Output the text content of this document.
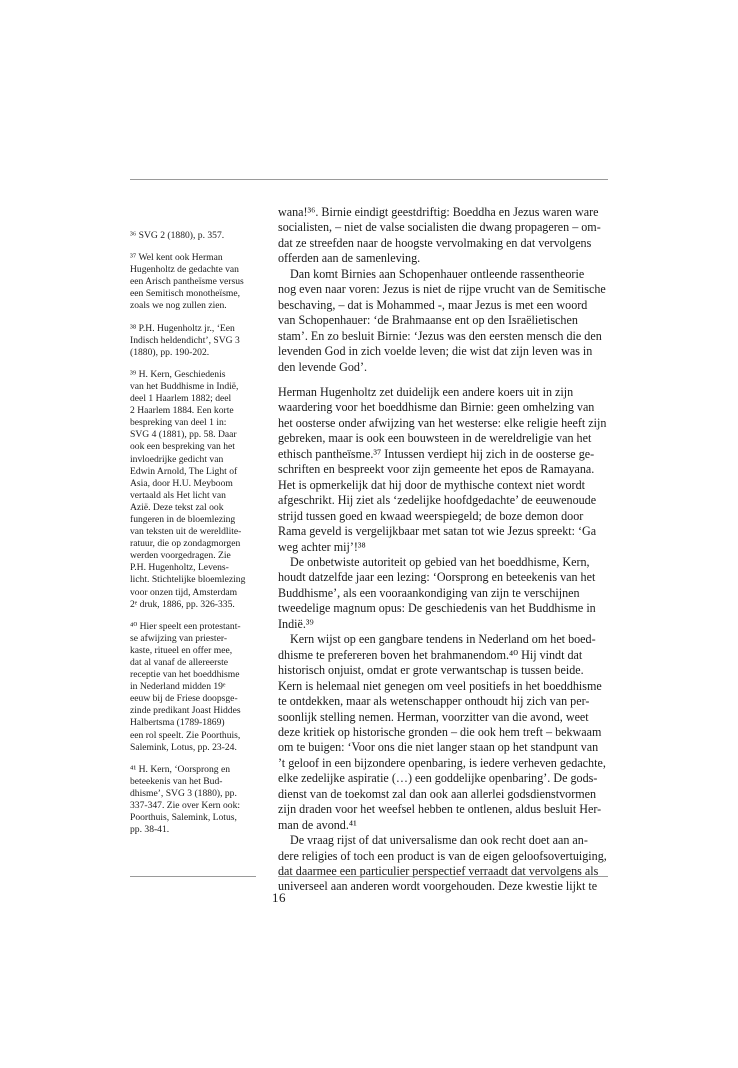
³⁶ SVG 2 (1880), p. 357.
³⁷ Wel kent ook Herman
Hugenholtz de gedachte van
een Arisch pantheïsme versus
een Semitisch monotheïsme,
zoals we nog zullen zien.
³⁸ P.H. Hugenholtz jr., ‘Een
Indisch heldendicht’, SVG 3
(1880), pp. 190-202.
³⁹ H. Kern, Geschiedenis
van het Buddhisme in Indië,
deel 1 Haarlem 1882; deel
2 Haarlem 1884. Een korte
bespreking van deel 1 in:
SVG 4 (1881), pp. 58. Daar
ook een bespreking van het
invloedrijke gedicht van
Edwin Arnold, The Light of
Asia, door H.U. Meyboom
vertaald als Het licht van
Azië. Deze tekst zal ook
fungeren in de bloemlezing
van teksten uit de wereldlite-
ratuur, die op zondagmorgen
werden voorgedragen. Zie
P.H. Hugenholtz, Levens-
licht. Stichtelijke bloemlezing
voor onzen tijd, Amsterdam
2ᵉ druk, 1886, pp. 326-335.
⁴⁰ Hier speelt een protestant-
se afwijzing van priester-
kaste, ritueel en offer mee,
dat al vanaf de allereerste
receptie van het boeddhisme
in Nederland midden 19ᵉ
eeuw bij de Friese doopsge-
zinde predikant Joast Hiddes
Halbertsma (1789-1869)
een rol speelt. Zie Poorthuis,
Salemink, Lotus, pp. 23-24.
⁴¹ H. Kern, ‘Oorsprong en
beteekenis van het Bud-
dhisme’, SVG 3 (1880), pp.
337-347. Zie over Kern ook:
Poorthuis, Salemink, Lotus,
pp. 38-41.
wana!³⁶. Birnie eindigt geestdriftig: Boeddha en Jezus waren ware
socialisten, – niet de valse socialisten die dwang propageren – om-
dat ze streefden naar de hoogste vervolmaking en dat vervolgens
offerden aan de samenleving.
Dan komt Birnies aan Schopenhauer ontleende rassentheorie
nog even naar voren: Jezus is niet de rijpe vrucht van de Semitische
beschaving, – dat is Mohammed -, maar Jezus is met een woord
van Schopenhauer: ‘de Brahmaanse ent op den Israëlietischen
stam’. En zo besluit Birnie: ‘Jezus was den eersten mensch die den
levenden God in zich voelde leven; die wist dat zijn leven was in
den levende God’.
Herman Hugenholtz zet duidelijk een andere koers uit in zijn
waardering voor het boeddhisme dan Birnie: geen omhelzing van
het oosterse onder afwijzing van het westerse: elke religie heeft zijn
gebreken, maar is ook een bouwsteen in de wereldreligie van het
ethisch pantheïsme.³⁷ Intussen verdiept hij zich in de oosterse ge-
schriften en bespreekt voor zijn gemeente het epos de Ramayana.
Het is opmerkelijk dat hij door de mythische context niet wordt
afgeschrikt. Hij ziet als ‘zedelijke hoofdgedachte’ de eeuwenoude
strijd tussen goed en kwaad weerspiegeld; de boze demon door
Rama geveld is vergelijkbaar met satan tot wie Jezus spreekt: ‘Ga
weg achter mij’!³⁸
De onbetwiste autoriteit op gebied van het boeddhisme, Kern,
houdt datzelfde jaar een lezing: ‘Oorsprong en beteekenis van het
Buddhisme’, als een vooraankondiging van zijn te verschijnen
tweedelige magnum opus: De geschiedenis van het Buddhisme in
Indië.³⁹
Kern wijst op een gangbare tendens in Nederland om het boed-
dhisme te prefereren boven het brahmanendom.⁴⁰ Hij vindt dat
historisch onjuist, omdat er grote verwantschap is tussen beide.
Kern is helemaal niet genegen om veel positiefs in het boeddhisme
te ontdekken, maar als wetenschapper onthoudt hij zich van per-
soonlijk stelling nemen. Herman, voorzitter van die avond, weet
deze kritiek op historische gronden – die ook hem treft – bekwaam
om te buigen: ‘Voor ons die niet langer staan op het standpunt van
’t geloof in een bijzondere openbaring, is iedere verheven gedachte,
elke zedelijke aspiratie (…) een goddelijke openbaring’. De gods-
dienst van de toekomst zal dan ook aan allerlei godsdienstvormen
zijn draden voor het weefsel hebben te ontlenen, aldus besluit Her-
man de avond.⁴¹
De vraag rijst of dat universalisme dan ook recht doet aan an-
dere religies of toch een product is van de eigen geloofsovertuiging,
dat daarmee een particulier perspectief verraadt dat vervolgens als
universeel aan anderen wordt voorgehouden. Deze kwestie lijkt te
16
